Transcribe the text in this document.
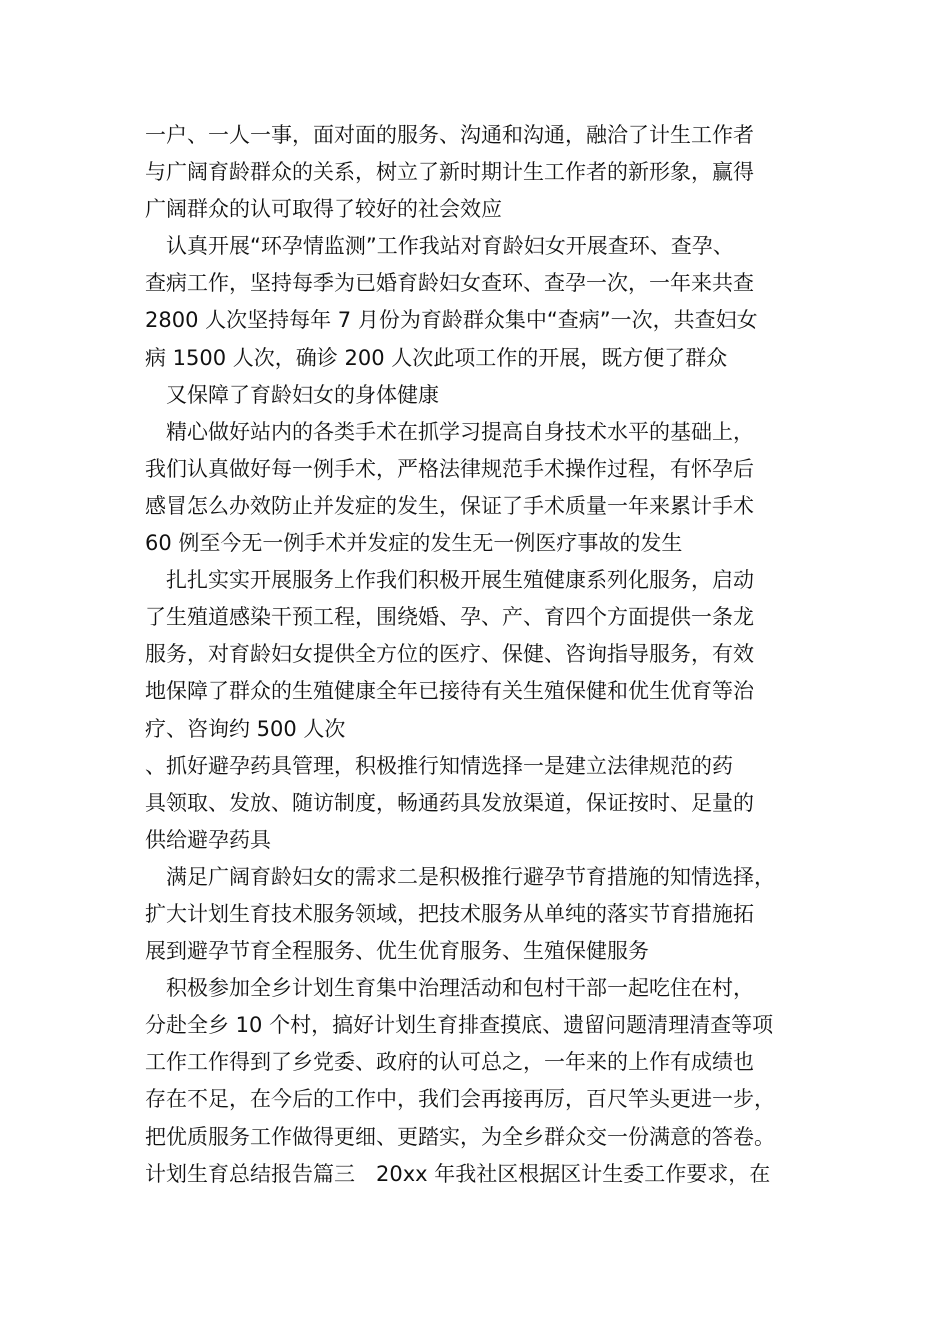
一户、一人一事，面对面的服务、沟通和沟通，融洽了计生工作者
与广阔育龄群众的关系，树立了新时期计生工作者的新形象，赢得
广阔群众的认可取得了较好的社会效应
认真开展“环孕情监测”工作我站对育龄妇女开展查环、查孕、
查病工作，坚持每季为已婚育龄妇女查环、查孕一次，一年来共查
2800 人次坚持每年 7 月份为育龄群众集中“查病”一次，共查妇女
病 1500 人次，确诊 200 人次此项工作的开展，既方便了群众
又保障了育龄妇女的身体健康
精心做好站内的各类手术在抓学习提高自身技术水平的基础上，
我们认真做好每一例手术，严格法律规范手术操作过程，有怀孕后
感冒怎么办效防止并发症的发生，保证了手术质量一年来累计手术
60 例至今无一例手术并发症的发生无一例医疗事故的发生
扎扎实实开展服务上作我们积极开展生殖健康系列化服务，启动
了生殖道感染干预工程，围绕婚、孕、产、育四个方面提供一条龙
服务，对育龄妇女提供全方位的医疗、保健、咨询指导服务，有效
地保障了群众的生殖健康全年已接待有关生殖保健和优生优育等治
疗、咨询约 500 人次
、抓好避孕药具管理，积极推行知情选择一是建立法律规范的药
具领取、发放、随访制度，畅通药具发放渠道，保证按时、足量的
供给避孕药具
满足广阔育龄妇女的需求二是积极推行避孕节育措施的知情选择，
扩大计划生育技术服务领域，把技术服务从单纯的落实节育措施拓
展到避孕节育全程服务、优生优育服务、生殖保健服务
积极参加全乡计划生育集中治理活动和包村干部一起吃住在村，
分赴全乡 10 个村，搞好计划生育排查摸底、遗留问题清理清查等项
工作工作得到了乡党委、政府的认可总之，一年来的上作有成绩也
存在不足，在今后的工作中，我们会再接再厉，百尺竿头更进一步，
把优质服务工作做得更细、更踏实，为全乡群众交一份满意的答卷。
计划生育总结报告篇三　20xx 年我社区根据区计生委工作要求，在
